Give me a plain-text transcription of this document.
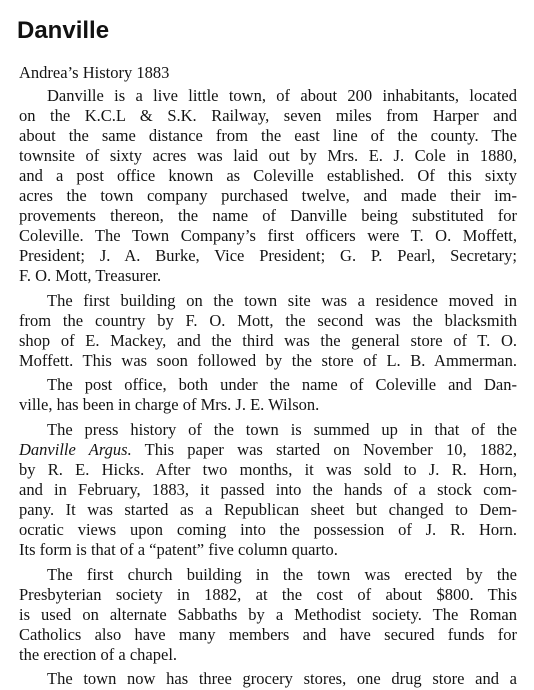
Danville

Andrea’s History 1883

Danville is a live little town, of about 200 inhabitants, located

on the K.C.L & S.K. Railway, seven miles from Harper and

about the same distance from the east line of the county. The

townsite of sixty acres was laid out by Mrs. E. J. Cole in 1880,

and a post office known as Coleville established. Of this sixty

acres the town company purchased twelve, and made their im-

provements thereon, the name of Danville being substituted for

Coleville. The Town Company’s first officers were T. O. Moffett,

President; J. A. Burke, Vice President; G. P. Pearl, Secretary;

F. O. Mott, Treasurer.

The first building on the town site was a residence moved in

from the country by F. O. Mott, the second was the blacksmith

shop of E. Mackey, and the third was the general store of T. O.

Moffett. This was soon followed by the store of L. B. Ammerman.

The post office, both under the name of Coleville and Dan-

ville, has been in charge of Mrs. J. E. Wilson.

The press history of the town is summed up in that of the

Danville Argus. This paper was started on November 10, 1882,

by R. E. Hicks. After two months, it was sold to J. R. Horn,

and in February, 1883, it passed into the hands of a stock com-

pany. It was started as a Republican sheet but changed to Dem-

ocratic views upon coming into the possession of J. R. Horn.

Its form is that of a “patent” five column quarto.

The first church building in the town was erected by the

Presbyterian society in 1882, at the cost of about $800. This

is used on alternate Sabbaths by a Methodist society. The Roman

Catholics also have many members and have secured funds for

the erection of a chapel.

The town now has three grocery stores, one drug store and a
